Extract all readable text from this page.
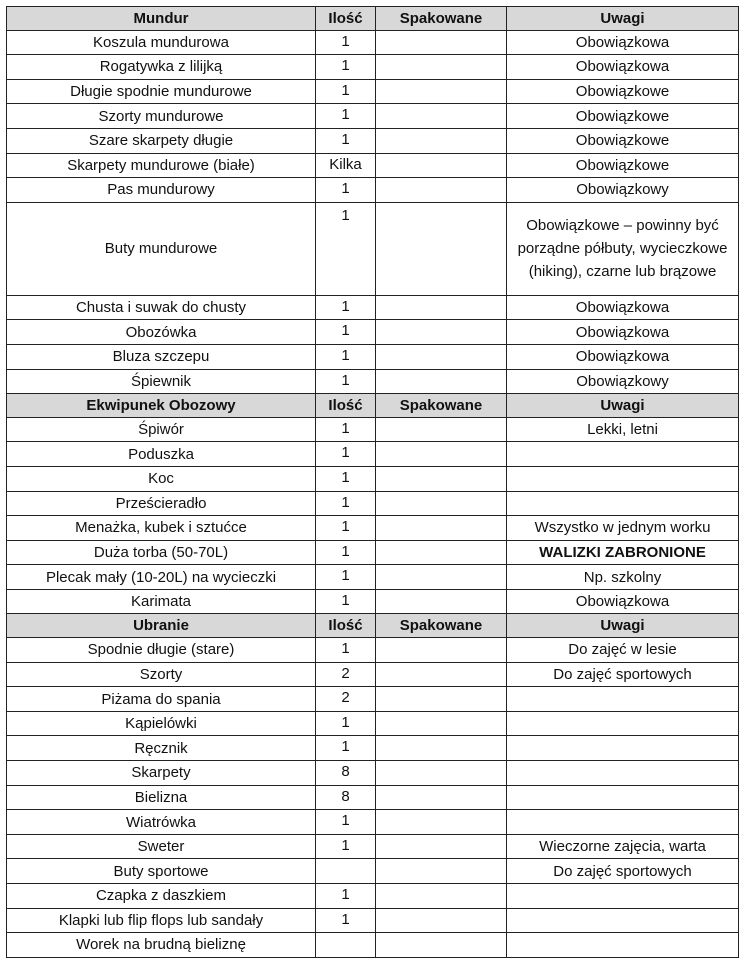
Mundur	Ilość	Spakowane	Uwagi
Koszula mundurowa	1		Obowiązkowa
Rogatywka z lilijką	1		Obowiązkowa
Długie spodnie mundurowe	1		Obowiązkowe
Szorty mundurowe	1		Obowiązkowe
Szare skarpety długie	1		Obowiązkowe
Skarpety mundurowe (białe)	Kilka		Obowiązkowe
Pas mundurowy	1		Obowiązkowy
Buty mundurowe	1		Obowiązkowe – powinny być porządne półbuty, wycieczkowe (hiking), czarne lub brązowe
Chusta i suwak do chusty	1		Obowiązkowa
Obozówka	1		Obowiązkowa
Bluza szczepu	1		Obowiązkowa
Śpiewnik	1		Obowiązkowy
Ekwipunek Obozowy	Ilość	Spakowane	Uwagi
Śpiwór	1		Lekki, letni
Poduszka	1		
Koc	1		
Prześcieradło	1		
Menażka, kubek i sztućce	1		Wszystko w jednym worku
Duża torba (50-70L)	1		WALIZKI ZABRONIONE
Plecak mały (10-20L) na wycieczki	1		Np. szkolny
Karimata	1		Obowiązkowa
Ubranie	Ilość	Spakowane	Uwagi
Spodnie długie (stare)	1		Do zajęć w lesie
Szorty	2		Do zajęć sportowych
Piżama do spania	2		
Kąpielówki	1		
Ręcznik	1		
Skarpety	8		
Bielizna	8		
Wiatrówka	1		
Sweter	1		Wieczorne zajęcia, warta
Buty sportowe			Do zajęć sportowych
Czapka z daszkiem	1		
Klapki lub flip flops lub sandały	1		
Worek na brudną bieliznę			
